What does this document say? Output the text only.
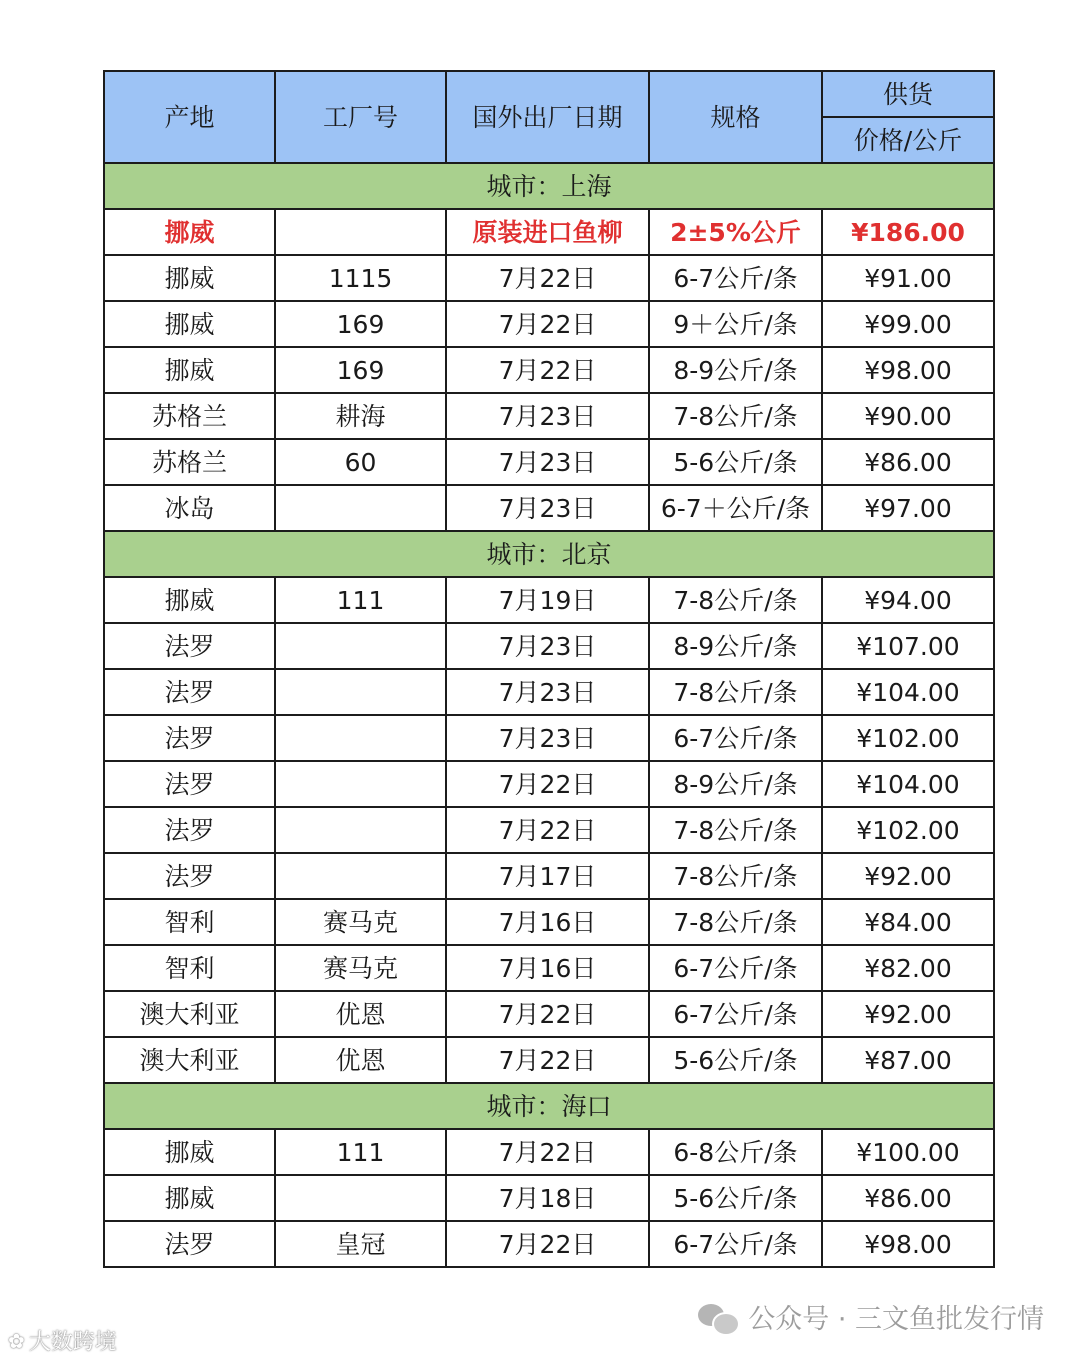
产地	工厂号	国外出厂日期	规格	供货
				价格/公斤
城市：上海				
挪威		原装进口鱼柳	2±5%公斤	¥186.00
挪威	1115	7月22日	6-7公斤/条	¥91.00
挪威	169	7月22日	9＋公斤/条	¥99.00
挪威	169	7月22日	8-9公斤/条	¥98.00
苏格兰	耕海	7月23日	7-8公斤/条	¥90.00
苏格兰	60	7月23日	5-6公斤/条	¥86.00
冰岛		7月23日	6-7＋公斤/条	¥97.00
城市：北京				
挪威	111	7月19日	7-8公斤/条	¥94.00
法罗		7月23日	8-9公斤/条	¥107.00
法罗		7月23日	7-8公斤/条	¥104.00
法罗		7月23日	6-7公斤/条	¥102.00
法罗		7月22日	8-9公斤/条	¥104.00
法罗		7月22日	7-8公斤/条	¥102.00
法罗		7月17日	7-8公斤/条	¥92.00
智利	赛马克	7月16日	7-8公斤/条	¥84.00
智利	赛马克	7月16日	6-7公斤/条	¥82.00
澳大利亚	优恩	7月22日	6-7公斤/条	¥92.00
澳大利亚	优恩	7月22日	5-6公斤/条	¥87.00
城市：海口				
挪威	111	7月22日	6-8公斤/条	¥100.00
挪威		7月18日	5-6公斤/条	¥86.00
法罗	皇冠	7月22日	6-7公斤/条	¥98.00
公众号 · 三文鱼批发行情
✿ 大数跨境
